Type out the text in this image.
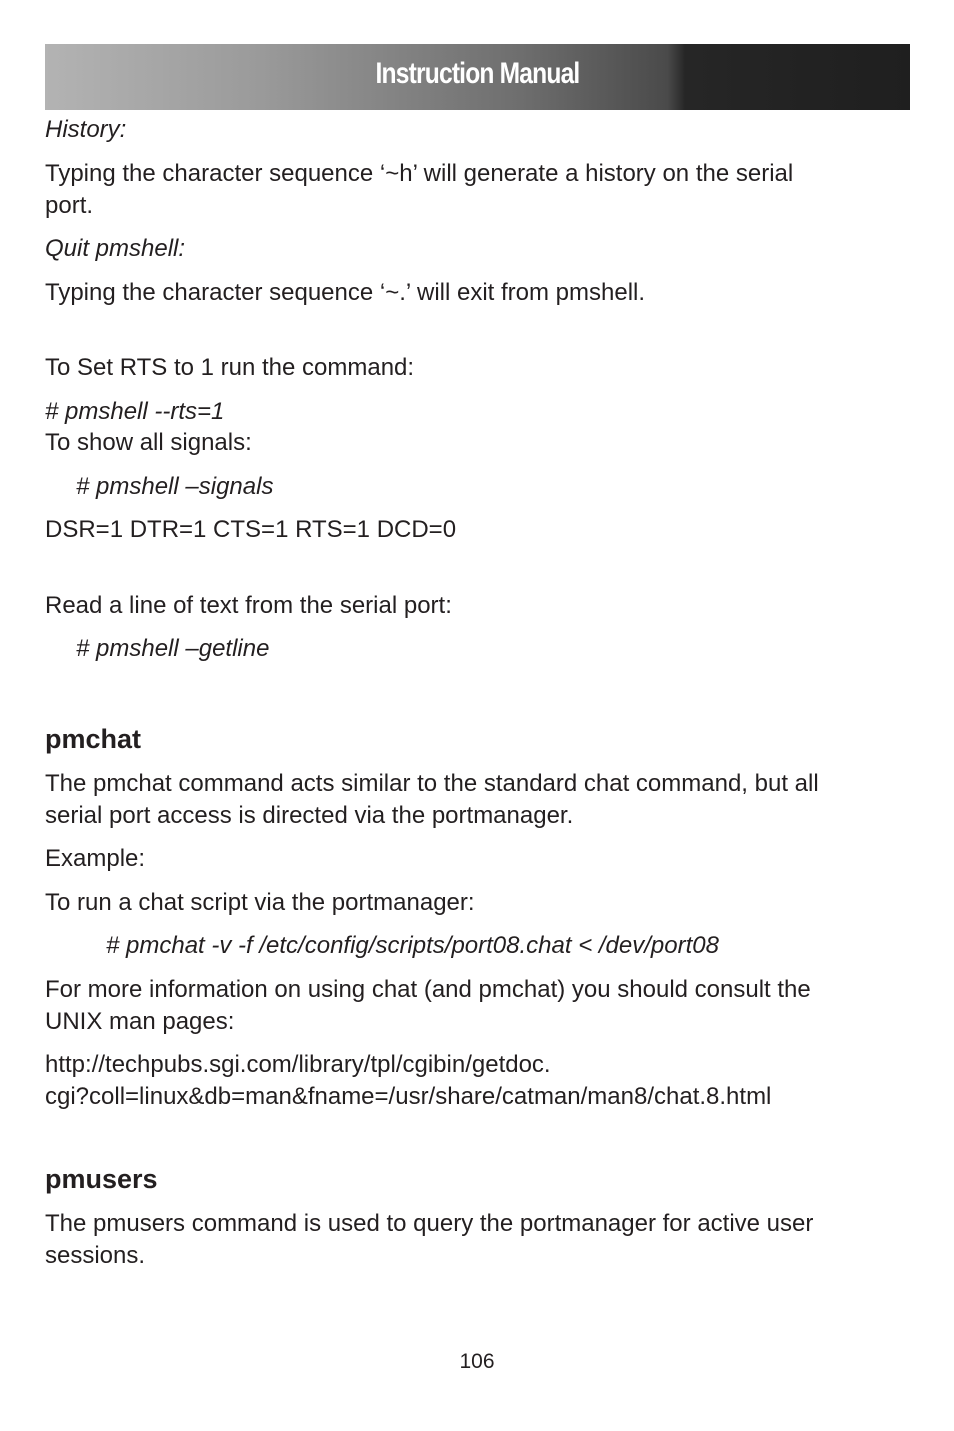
Instruction Manual

History:

Typing the character sequence ‘~h’ will generate a history on the serial

port.

Quit pmshell:

Typing the character sequence ‘~.’ will exit from pmshell.

To Set RTS to 1 run the command:

# pmshell --rts=1

To show all signals:

# pmshell –signals

DSR=1 DTR=1 CTS=1 RTS=1 DCD=0

Read a line of text from the serial port:

# pmshell –getline

pmchat

The pmchat command acts similar to the standard chat command, but all

serial port access is directed via the portmanager.

Example:

To run a chat script via the portmanager:

# pmchat -v -f /etc/config/scripts/port08.chat < /dev/port08

For more information on using chat (and pmchat) you should consult the

UNIX man pages:

http://techpubs.sgi.com/library/tpl/cgibin/getdoc.

cgi?coll=linux&db=man&fname=/usr/share/catman/man8/chat.8.html

pmusers

The pmusers command is used to query the portmanager for active user

sessions.

106
